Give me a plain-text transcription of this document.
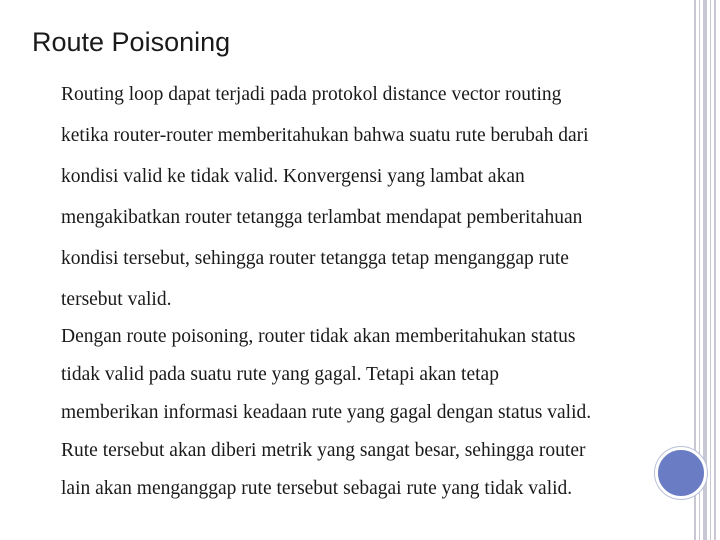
Route Poisoning
Routing loop dapat terjadi pada protokol distance vector routing
ketika router-router memberitahukan bahwa suatu rute berubah dari
kondisi valid ke tidak valid. Konvergensi yang lambat akan
mengakibatkan router tetangga terlambat mendapat pemberitahuan
kondisi tersebut, sehingga router tetangga tetap menganggap rute
tersebut valid.
Dengan route poisoning, router tidak akan memberitahukan status
tidak valid pada suatu rute yang gagal. Tetapi akan tetap
memberikan informasi keadaan rute yang gagal dengan status valid.
Rute tersebut akan diberi metrik yang sangat besar, sehingga router
lain akan menganggap rute tersebut sebagai rute yang tidak valid.
